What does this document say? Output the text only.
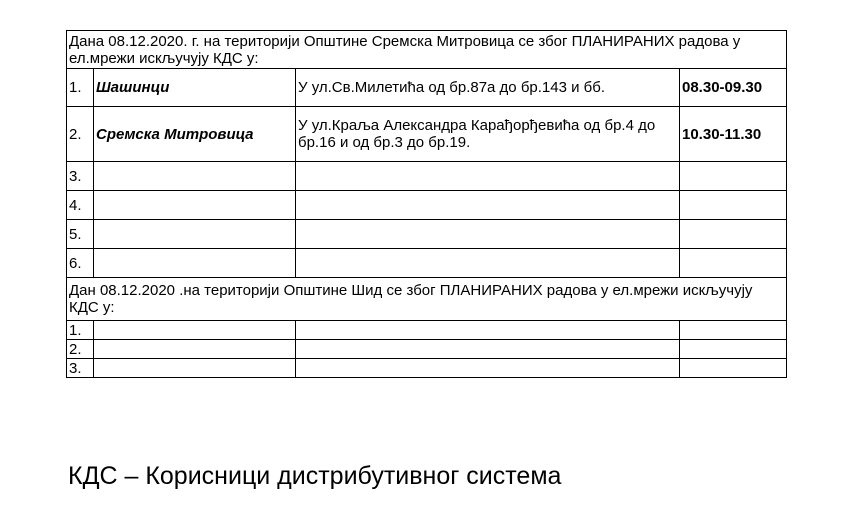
Дана 08.12.2020. г. на територији Општине Сремска Митровица се због ПЛАНИРАНИХ радова у ел.мрежи искључују КДС у:			
1.	Шашинци	У ул.Св.Милетића од бр.87а до бр.143 и бб.	08.30-09.30
2.	Сремска Митровица	У ул.Краља Александра Карађорђевића од бр.4 до бр.16 и од бр.3 до бр.19.	10.30-11.30
3.			
4.			
5.			
6.			
Дан 08.12.2020 .на територији Општине Шид се због ПЛАНИРАНИХ радова у ел.мрежи искључују КДС у:			
1.			
2.			
3.			
КДС – Корисници дистрибутивног система
